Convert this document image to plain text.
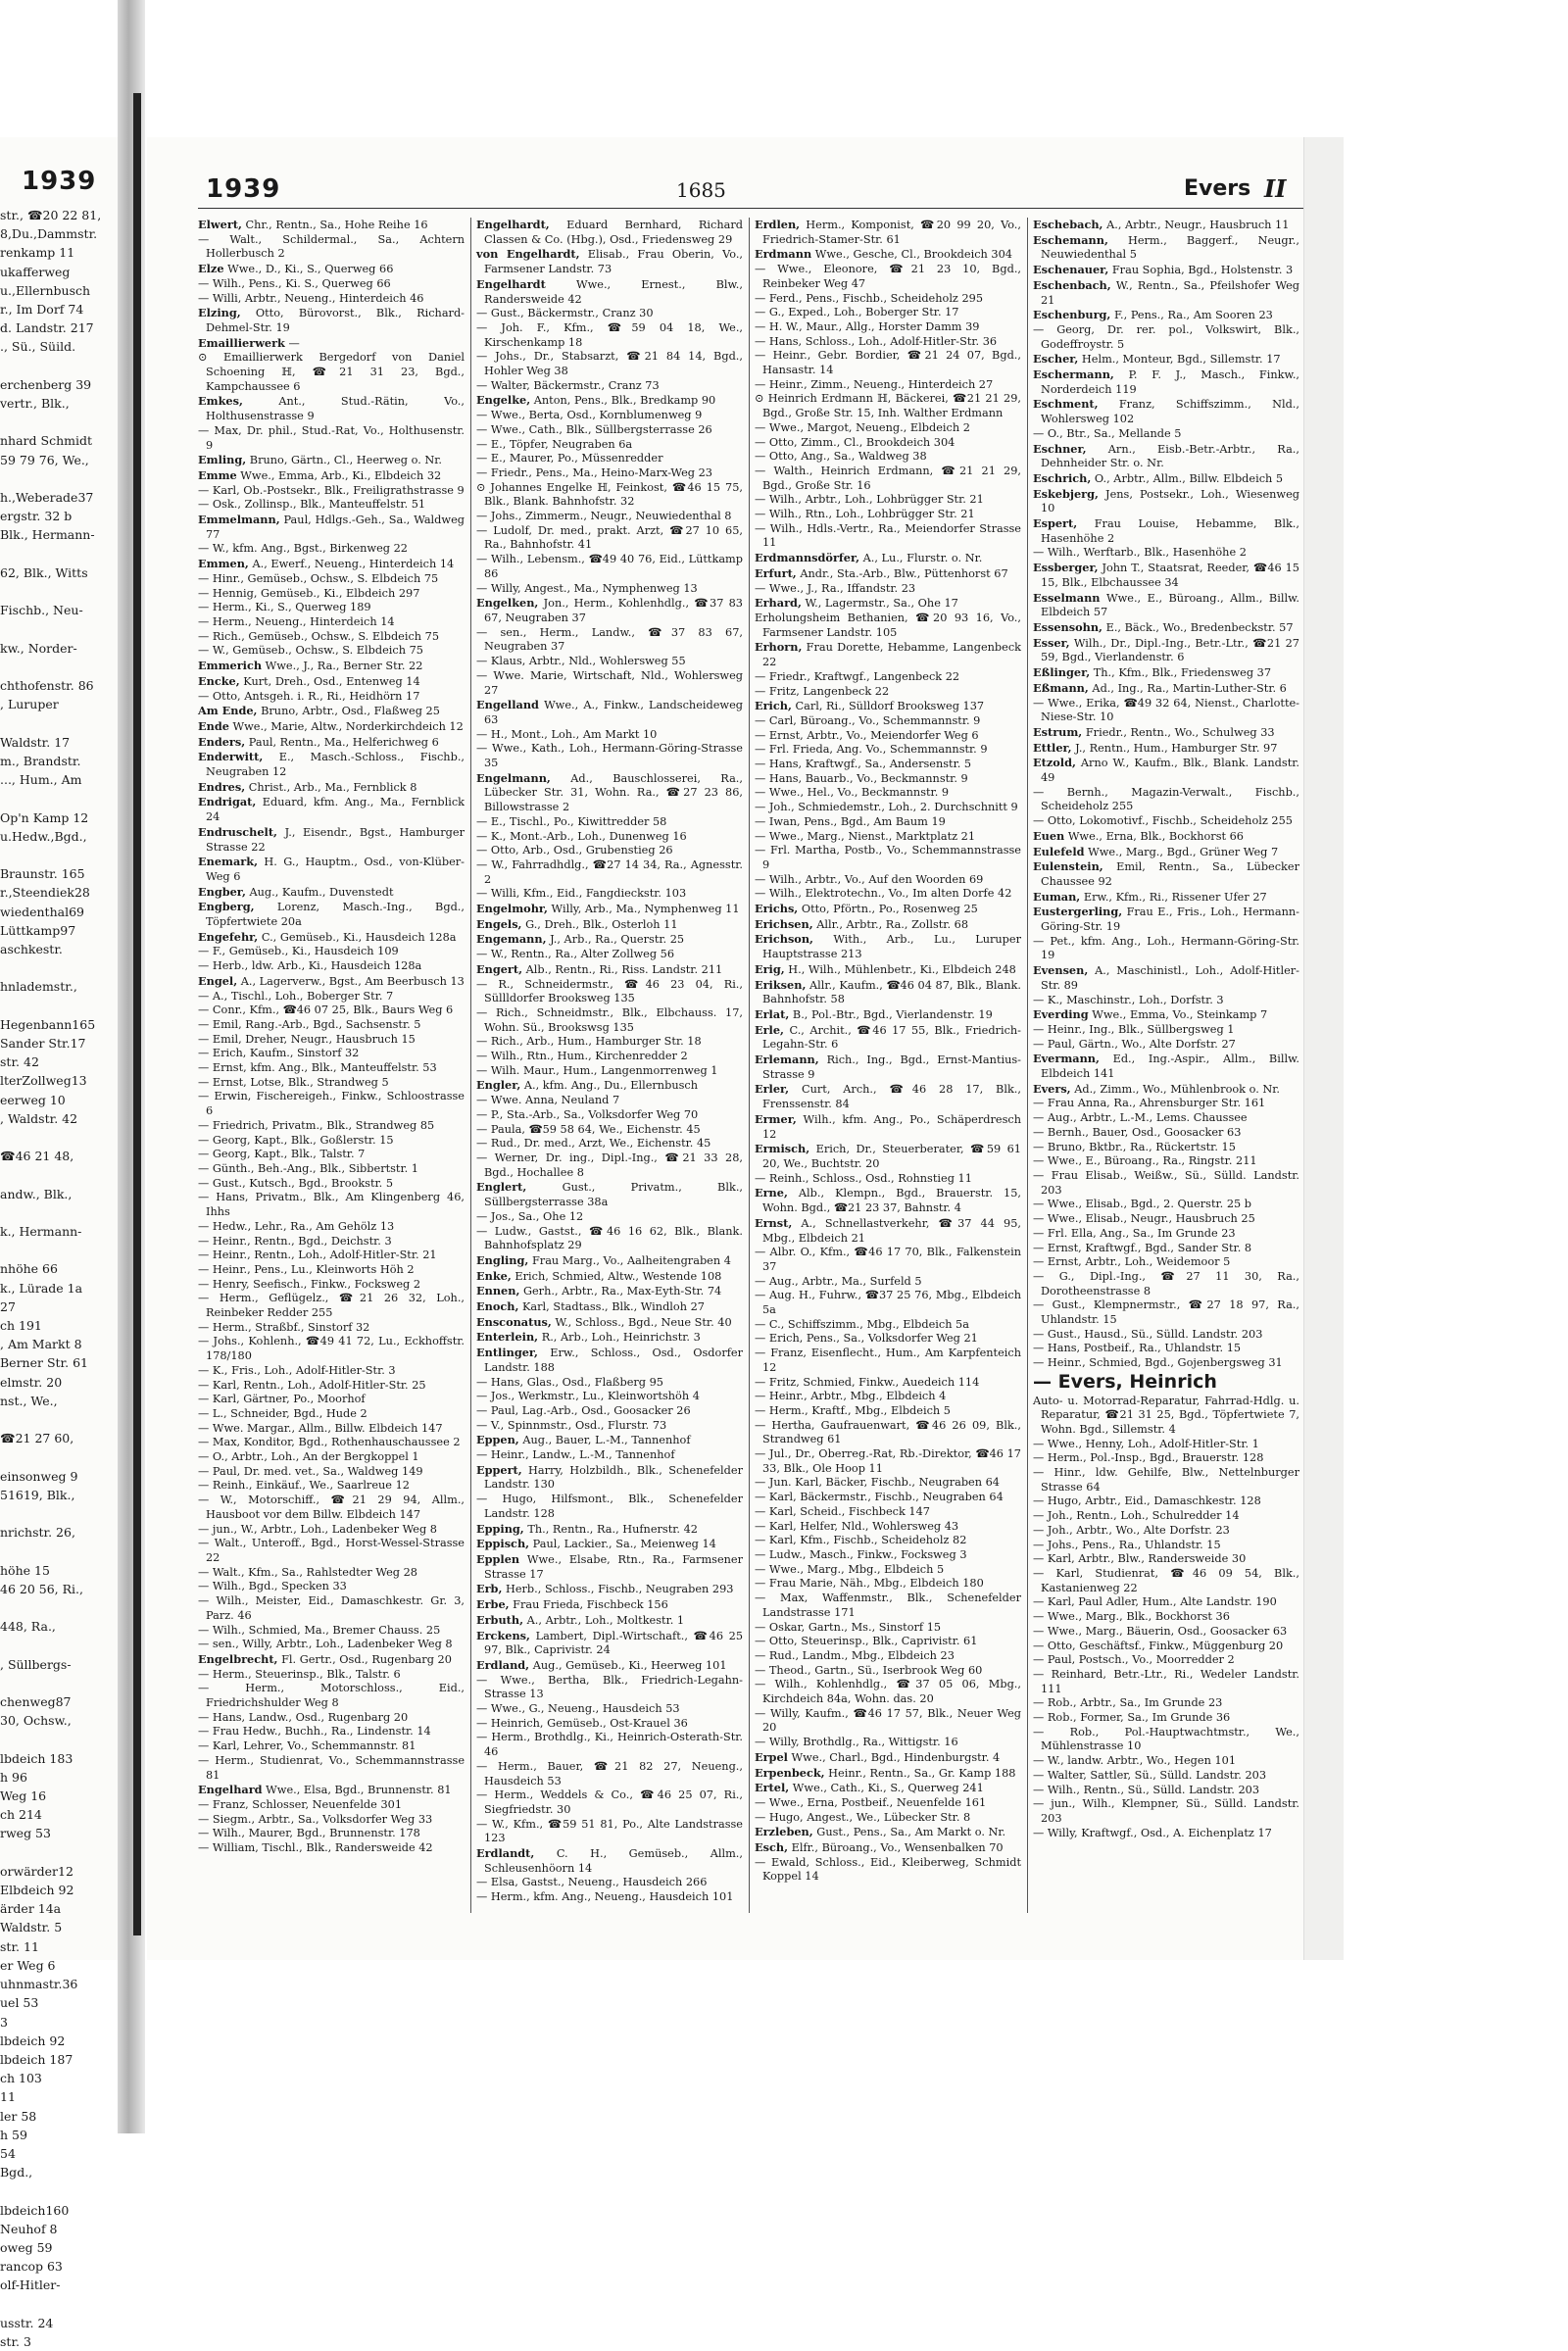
1939
str., ☎20 22 81,
8,Du.,Dammstr.
renkamp 11
ukafferweg
u.,Ellernbusch
r., Im Dorf 74
d. Landstr. 217
., Sü., Süild.

erchenberg 39
vertr., Blk.,

nhard Schmidt
59 79 76, We.,

h.,Weberade37
ergstr. 32 b
Blk., Hermann-

62, Blk., Witts

Fischb., Neu-

kw., Norder-

chthofenstr. 86
, Luruper

Waldstr. 17
m., Brandstr.
..., Hum., Am

Op'n Kamp 12
u.Hedw.,Bgd.,

Braunstr. 165
r.,Steendiek28
wiedenthal69
Lüttkamp97
aschkestr.

hnlademstr.,

Hegenbann165
Sander Str.17
str. 42
lterZollweg13
eerweg 10
, Waldstr. 42

☎46 21 48,

andw., Blk.,

k., Hermann-

nhöhe 66
k., Lürade 1a
27
ch 191
, Am Markt 8
Berner Str. 61
elmstr. 20
nst., We.,

☎21 27 60,

einsonweg 9
51619, Blk.,

nrichstr. 26,

höhe 15
46 20 56, Ri.,

448, Ra.,

, Süllbergs-

chenweg87
30, Ochsw.,

lbdeich 183
h 96
Weg 16
ch 214
rweg 53

orwärder12
Elbdeich 92
ärder 14a
Waldstr. 5
str. 11
er Weg 6
uhnmastr.36
uel 53
3
lbdeich 92
lbdeich 187
ch 103
11
ler 58
h 59
54
Bgd.,

lbdeich160
Neuhof 8
oweg 59
rancop 63
olf-Hitler-

usstr. 24
str. 3
1939	1685	Evers II

Elwert, Chr., Rentn., Sa., Hohe Reihe 16

— Walt., Schildermal., Sa., Achtern Hollerbusch 2

Elze Wwe., D., Ki., S., Querweg 66

— Wilh., Pens., Ki. S., Querweg 66

— Willi, Arbtr., Neueng., Hinterdeich 46

Elzing, Otto, Bürovorst., Blk., Richard-Dehmel-Str. 19

Emaillierwerk —

⊙ Emaillierwerk Bergedorf von Daniel Schoening ℍ, ☎21 31 23, Bgd., Kampchaussee 6

Emkes, Ant., Stud.-Rätin, Vo., Holthusenstrasse 9

— Max, Dr. phil., Stud.-Rat, Vo., Holthusenstr. 9

Emling, Bruno, Gärtn., Cl., Heerweg o. Nr.

Emme Wwe., Emma, Arb., Ki., Elbdeich 32

— Karl, Ob.-Postsekr., Blk., Freiligrathstrasse 9

— Osk., Zollinsp., Blk., Manteuffelstr. 51

Emmelmann, Paul, Hdlgs.-Geh., Sa., Waldweg 77

— W., kfm. Ang., Bgst., Birkenweg 22

Emmen, A., Ewerf., Neueng., Hinterdeich 14

— Hinr., Gemüseb., Ochsw., S. Elbdeich 75

— Hennig, Gemüseb., Ki., Elbdeich 297

— Herm., Ki., S., Querweg 189

— Herm., Neueng., Hinterdeich 14

— Rich., Gemüseb., Ochsw., S. Elbdeich 75

— W., Gemüseb., Ochsw., S. Elbdeich 75

Emmerich Wwe., J., Ra., Berner Str. 22

Encke, Kurt, Dreh., Osd., Entenweg 14

— Otto, Antsgeh. i. R., Ri., Heidhörn 17

Am Ende, Bruno, Arbtr., Osd., Flaßweg 25

Ende Wwe., Marie, Altw., Norderkirchdeich 12

Enders, Paul, Rentn., Ma., Helferichweg 6

Enderwitt, E., Masch.-Schloss., Fischb., Neugraben 12

Endres, Christ., Arb., Ma., Fernblick 8

Endrigat, Eduard, kfm. Ang., Ma., Fernblick 24

Endruschelt, J., Eisendr., Bgst., Hamburger Strasse 22

Enemark, H. G., Hauptm., Osd., von-Klüber-Weg 6

Engber, Aug., Kaufm., Duvenstedt

Engberg, Lorenz, Masch.-Ing., Bgd., Töpfertwiete 20a

Engefehr, C., Gemüseb., Ki., Hausdeich 128a

— F., Gemüseb., Ki., Hausdeich 109

— Herb., ldw. Arb., Ki., Hausdeich 128a

Engel, A., Lagerverw., Bgst., Am Beerbusch 13

— A., Tischl., Loh., Boberger Str. 7

— Conr., Kfm., ☎46 07 25, Blk., Baurs Weg 6

— Emil, Rang.-Arb., Bgd., Sachsenstr. 5

— Emil, Dreher, Neugr., Hausbruch 15

— Erich, Kaufm., Sinstorf 32

— Ernst, kfm. Ang., Blk., Manteuffelstr. 53

— Ernst, Lotse, Blk., Strandweg 5

— Erwin, Fischereigeh., Finkw., Schloostrasse 6

— Friedrich, Privatm., Blk., Strandweg 85

— Georg, Kapt., Blk., Goßlerstr. 15

— Georg, Kapt., Blk., Talstr. 7

— Günth., Beh.-Ang., Blk., Sibbertstr. 1

— Gust., Kutsch., Bgd., Brookstr. 5

— Hans, Privatm., Blk., Am Klingenberg 46, Ihhs

— Hedw., Lehr., Ra., Am Gehölz 13

— Heinr., Rentn., Bgd., Deichstr. 3

— Heinr., Rentn., Loh., Adolf-Hitler-Str. 21

— Heinr., Pens., Lu., Kleinworts Höh 2

— Henry, Seefisch., Finkw., Focksweg 2

— Herm., Geflügelz., ☎21 26 32, Loh., Reinbeker Redder 255

— Herm., Straßbf., Sinstorf 32

— Johs., Kohlenh., ☎49 41 72, Lu., Eckhoffstr. 178/180

— K., Fris., Loh., Adolf-Hitler-Str. 3

— Karl, Rentn., Loh., Adolf-Hitler-Str. 25

— Karl, Gärtner, Po., Moorhof

— L., Schneider, Bgd., Hude 2

— Wwe. Margar., Allm., Billw. Elbdeich 147

— Max, Konditor, Bgd., Rothenhauschaussee 2

— O., Arbtr., Loh., An der Bergkoppel 1

— Paul, Dr. med. vet., Sa., Waldweg 149

— Reinh., Einkäuf., We., Saarlreue 12

— W., Motorschiff., ☎21 29 94, Allm., Hausboot vor dem Billw. Elbdeich 147

— jun., W., Arbtr., Loh., Ladenbeker Weg 8

— Walt., Unteroff., Bgd., Horst-Wessel-Strasse 22

— Walt., Kfm., Sa., Rahlstedter Weg 28

— Wilh., Bgd., Specken 33

— Wilh., Meister, Eid., Damaschkestr. Gr. 3, Parz. 46

— Wilh., Schmied, Ma., Bremer Chauss. 25

— sen., Willy, Arbtr., Loh., Ladenbeker Weg 8

Engelbrecht, Fl. Gertr., Osd., Rugenbarg 20

— Herm., Steuerinsp., Blk., Talstr. 6

— Herm., Motorschloss., Eid., Friedrichshulder Weg 8

— Hans, Landw., Osd., Rugenbarg 20

— Frau Hedw., Buchh., Ra., Lindenstr. 14

— Karl, Lehrer, Vo., Schemmannstr. 81

— Herm., Studienrat, Vo., Schemmannstrasse 81

Engelhard Wwe., Elsa, Bgd., Brunnenstr. 81

— Franz, Schlosser, Neuenfelde 301

— Siegm., Arbtr., Sa., Volksdorfer Weg 33

— Wilh., Maurer, Bgd., Brunnenstr. 178

— William, Tischl., Blk., Randersweide 42

Engelhardt, Eduard Bernhard, Richard Classen & Co. (Hbg.), Osd., Friedensweg 29

von Engelhardt, Elisab., Frau Oberin, Vo., Farmsener Landstr. 73

Engelhardt Wwe., Ernest., Blw., Randersweide 42

— Gust., Bäckermstr., Cranz 30

— Joh. F., Kfm., ☎59 04 18, We., Kirschenkamp 18

— Johs., Dr., Stabsarzt, ☎21 84 14, Bgd., Hohler Weg 38

— Walter, Bäckermstr., Cranz 73

Engelke, Anton, Pens., Blk., Bredkamp 90

— Wwe., Berta, Osd., Kornblumenweg 9

— Wwe., Cath., Blk., Süllbergsterrasse 26

— E., Töpfer, Neugraben 6a

— E., Maurer, Po., Müssenredder

— Friedr., Pens., Ma., Heino-Marx-Weg 23

⊙ Johannes Engelke ℍ, Feinkost, ☎46 15 75, Blk., Blank. Bahnhofstr. 32

— Johs., Zimmerm., Neugr., Neuwiedenthal 8

— Ludolf, Dr. med., prakt. Arzt, ☎27 10 65, Ra., Bahnhofstr. 41

— Wilh., Lebensm., ☎49 40 76, Eid., Lüttkamp 86

— Willy, Angest., Ma., Nymphenweg 13

Engelken, Jon., Herm., Kohlenhdlg., ☎37 83 67, Neugraben 37

— sen., Herm., Landw., ☎37 83 67, Neugraben 37

— Klaus, Arbtr., Nld., Wohlersweg 55

— Wwe. Marie, Wirtschaft, Nld., Wohlersweg 27

Engelland Wwe., A., Finkw., Landscheideweg 63

— H., Mont., Loh., Am Markt 10

— Wwe., Kath., Loh., Hermann-Göring-Strasse 35

Engelmann, Ad., Bauschlosserei, Ra., Lübecker Str. 31, Wohn. Ra., ☎27 23 86, Billowstrasse 2

— E., Tischl., Po., Kiwittredder 58

— K., Mont.-Arb., Loh., Dunenweg 16

— Otto, Arb., Osd., Grubenstieg 26

— W., Fahrradhdlg., ☎27 14 34, Ra., Agnesstr. 2

— Willi, Kfm., Eid., Fangdieckstr. 103

Engelmohr, Willy, Arb., Ma., Nymphenweg 11

Engels, G., Dreh., Blk., Osterloh 11

Engemann, J., Arb., Ra., Querstr. 25

— W., Rentn., Ra., Alter Zollweg 56

Engert, Alb., Rentn., Ri., Riss. Landstr. 211

— R., Schneidermstr., ☎46 23 04, Ri., Süllldorfer Brooksweg 135

— Rich., Schneidmstr., Blk., Elbchauss. 17, Wohn. Sü., Brookswsg 135

— Rich., Arb., Hum., Hamburger Str. 18

— Wilh., Rtn., Hum., Kirchenredder 2

— Wilh. Maur., Hum., Langenmorrenweg 1

Engler, A., kfm. Ang., Du., Ellernbusch

— Wwe. Anna, Neuland 7

— P., Sta.-Arb., Sa., Volksdorfer Weg 70

— Paula, ☎59 58 64, We., Eichenstr. 45

— Rud., Dr. med., Arzt, We., Eichenstr. 45

— Werner, Dr. ing., Dipl.-Ing., ☎21 33 28, Bgd., Hochallee 8

Englert, Gust., Privatm., Blk., Süllbergsterrasse 38a

— Jos., Sa., Ohe 12

— Ludw., Gastst., ☎46 16 62, Blk., Blank. Bahnhofsplatz 29

Engling, Frau Marg., Vo., Aalheitengraben 4

Enke, Erich, Schmied, Altw., Westende 108

Ennen, Gerh., Arbtr., Ra., Max-Eyth-Str. 74

Enoch, Karl, Stadtass., Blk., Windloh 27

Ensconatus, W., Schloss., Bgd., Neue Str. 40

Enterlein, R., Arb., Loh., Heinrichstr. 3

Entlinger, Erw., Schloss., Osd., Osdorfer Landstr. 188

— Hans, Glas., Osd., Flaßberg 95

— Jos., Werkmstr., Lu., Kleinwortshöh 4

— Paul, Lag.-Arb., Osd., Goosacker 26

— V., Spinnmstr., Osd., Flurstr. 73

Eppen, Aug., Bauer, L.-M., Tannenhof

— Heinr., Landw., L.-M., Tannenhof

Eppert, Harry, Holzbildh., Blk., Schenefelder Landstr. 130

— Hugo, Hilfsmont., Blk., Schenefelder Landstr. 128

Epping, Th., Rentn., Ra., Hufnerstr. 42

Eppisch, Paul, Lackier., Sa., Meienweg 14

Epplen Wwe., Elsabe, Rtn., Ra., Farmsener Strasse 17

Erb, Herb., Schloss., Fischb., Neugraben 293

Erbe, Frau Frieda, Fischbeck 156

Erbuth, A., Arbtr., Loh., Moltkestr. 1

Erckens, Lambert, Dipl.-Wirtschaft., ☎46 25 97, Blk., Caprivistr. 24

Erdland, Aug., Gemüseb., Ki., Heerweg 101

— Wwe., Bertha, Blk., Friedrich-Legahn-Strasse 13

— Wwe., G., Neueng., Hausdeich 53

— Heinrich, Gemüseb., Ost-Krauel 36

— Herm., Brothdlg., Ki., Heinrich-Osterath-Str. 46

— Herm., Bauer, ☎21 82 27, Neueng., Hausdeich 53

— Herm., Weddels & Co., ☎46 25 07, Ri., Siegfriedstr. 30

— W., Kfm., ☎59 51 81, Po., Alte Landstrasse 123

Erdlandt, C. H., Gemüseb., Allm., Schleusenhöorn 14

— Elsa, Gastst., Neueng., Hausdeich 266

— Herm., kfm. Ang., Neueng., Hausdeich 101

Erdlen, Herm., Komponist, ☎20 99 20, Vo., Friedrich-Stamer-Str. 61

Erdmann Wwe., Gesche, Cl., Brookdeich 304

— Wwe., Eleonore, ☎21 23 10, Bgd., Reinbeker Weg 47

— Ferd., Pens., Fischb., Scheideholz 295

— G., Exped., Loh., Boberger Str. 17

— H. W., Maur., Allg., Horster Damm 39

— Hans, Schloss., Loh., Adolf-Hitler-Str. 36

— Heinr., Gebr. Bordier, ☎21 24 07, Bgd., Hansastr. 14

— Heinr., Zimm., Neueng., Hinterdeich 27

⊙ Heinrich Erdmann ℍ, Bäckerei, ☎21 21 29, Bgd., Große Str. 15, Inh. Walther Erdmann

— Wwe., Margot, Neueng., Elbdeich 2

— Otto, Zimm., Cl., Brookdeich 304

— Otto, Ang., Sa., Waldweg 38

— Walth., Heinrich Erdmann, ☎21 21 29, Bgd., Große Str. 16

— Wilh., Arbtr., Loh., Lohbrügger Str. 21

— Wilh., Rtn., Loh., Lohbrügger Str. 21

— Wilh., Hdls.-Vertr., Ra., Meiendorfer Strasse 11

Erdmannsdörfer, A., Lu., Flurstr. o. Nr.

Erfurt, Andr., Sta.-Arb., Blw., Püttenhorst 67

— Wwe., J., Ra., Iffandstr. 23

Erhard, W., Lagermstr., Sa., Ohe 17

Erholungsheim Bethanien, ☎20 93 16, Vo., Farmsener Landstr. 105

Erhorn, Frau Dorette, Hebamme, Langenbeck 22

— Friedr., Kraftwgf., Langenbeck 22

— Fritz, Langenbeck 22

Erich, Carl, Ri., Sülldorf Brooksweg 137

— Carl, Büroang., Vo., Schemmannstr. 9

— Ernst, Arbtr., Vo., Meiendorfer Weg 6

— Frl. Frieda, Ang. Vo., Schemmannstr. 9

— Hans, Kraftwgf., Sa., Andersenstr. 5

— Hans, Bauarb., Vo., Beckmannstr. 9

— Wwe., Hel., Vo., Beckmannstr. 9

— Joh., Schmiedemstr., Loh., 2. Durchschnitt 9

— Iwan, Pens., Bgd., Am Baum 19

— Wwe., Marg., Nienst., Marktplatz 21

— Frl. Martha, Postb., Vo., Schemmannstrasse 9

— Wilh., Arbtr., Vo., Auf den Woorden 69

— Wilh., Elektrotechn., Vo., Im alten Dorfe 42

Erichs, Otto, Pförtn., Po., Rosenweg 25

Erichsen, Allr., Arbtr., Ra., Zollstr. 68

Erichson, With., Arb., Lu., Luruper Hauptstrasse 213

Erig, H., Wilh., Mühlenbetr., Ki., Elbdeich 248

Eriksen, Allr., Kaufm., ☎46 04 87, Blk., Blank. Bahnhofstr. 58

Erlat, B., Pol.-Btr., Bgd., Vierlandenstr. 19

Erle, C., Archit., ☎46 17 55, Blk., Friedrich-Legahn-Str. 6

Erlemann, Rich., Ing., Bgd., Ernst-Mantius-Strasse 9

Erler, Curt, Arch., ☎46 28 17, Blk., Frenssenstr. 84

Ermer, Wilh., kfm. Ang., Po., Schäperdresch 12

Ermisch, Erich, Dr., Steuerberater, ☎59 61 20, We., Buchtstr. 20

— Reinh., Schloss., Osd., Rohnstieg 11

Erne, Alb., Klempn., Bgd., Brauerstr. 15, Wohn. Bgd., ☎21 23 37, Bahnstr. 4

Ernst, A., Schnellastverkehr, ☎37 44 95, Mbg., Elbdeich 21

— Albr. O., Kfm., ☎46 17 70, Blk., Falkenstein 37

— Aug., Arbtr., Ma., Surfeld 5

— Aug. H., Fuhrw., ☎37 25 76, Mbg., Elbdeich 5a

— C., Schiffszimm., Mbg., Elbdeich 5a

— Erich, Pens., Sa., Volksdorfer Weg 21

— Franz, Eisenflecht., Hum., Am Karpfenteich 12

— Fritz, Schmied, Finkw., Auedeich 114

— Heinr., Arbtr., Mbg., Elbdeich 4

— Herm., Kraftf., Mbg., Elbdeich 5

— Hertha, Gaufrauenwart, ☎46 26 09, Blk., Strandweg 61

— Jul., Dr., Oberreg.-Rat, Rb.-Direktor, ☎46 17 33, Blk., Ole Hoop 11

— Jun. Karl, Bäcker, Fischb., Neugraben 64

— Karl, Bäckermstr., Fischb., Neugraben 64

— Karl, Scheid., Fischbeck 147

— Karl, Helfer, Nld., Wohlersweg 43

— Karl, Kfm., Fischb., Scheideholz 82

— Ludw., Masch., Finkw., Focksweg 3

— Wwe., Marg., Mbg., Elbdeich 5

— Frau Marie, Näh., Mbg., Elbdeich 180

— Max, Waffenmstr., Blk., Schenefelder Landstrasse 171

— Oskar, Gartn., Ms., Sinstorf 15

— Otto, Steuerinsp., Blk., Caprivistr. 61

— Rud., Landm., Mbg., Elbdeich 23

— Theod., Gartn., Sü., Iserbrook Weg 60

— Wilh., Kohlenhdlg., ☎37 05 06, Mbg., Kirchdeich 84a, Wohn. das. 20

— Willy, Kaufm., ☎46 17 57, Blk., Neuer Weg 20

— Willy, Brothdlg., Ra., Wittigstr. 16

Erpel Wwe., Charl., Bgd., Hindenburgstr. 4

Erpenbeck, Heinr., Rentn., Sa., Gr. Kamp 188

Ertel, Wwe., Cath., Ki., S., Querweg 241

— Wwe., Erna, Postbeif., Neuenfelde 161

— Hugo, Angest., We., Lübecker Str. 8

Erzleben, Gust., Pens., Sa., Am Markt o. Nr.

Esch, Elfr., Büroang., Vo., Wensenbalken 70

— Ewald, Schloss., Eid., Kleiberweg, Schmidt Koppel 14

Eschebach, A., Arbtr., Neugr., Hausbruch 11

Eschemann, Herm., Baggerf., Neugr., Neuwiedenthal 5

Eschenauer, Frau Sophia, Bgd., Holstenstr. 3

Eschenbach, W., Rentn., Sa., Pfeilshofer Weg 21

Eschenburg, F., Pens., Ra., Am Sooren 23

— Georg, Dr. rer. pol., Volkswirt, Blk., Godeffroystr. 5

Escher, Helm., Monteur, Bgd., Sillemstr. 17

Eschermann, P. F. J., Masch., Finkw., Norderdeich 119

Eschment, Franz, Schiffszimm., Nld., Wohlersweg 102

— O., Btr., Sa., Mellande 5

Eschner, Arn., Eisb.-Betr.-Arbtr., Ra., Dehnheider Str. o. Nr.

Eschrich, O., Arbtr., Allm., Billw. Elbdeich 5

Eskebjerg, Jens, Postsekr., Loh., Wiesenweg 10

Espert, Frau Louise, Hebamme, Blk., Hasenhöhe 2

— Wilh., Werftarb., Blk., Hasenhöhe 2

Essberger, John T., Staatsrat, Reeder, ☎46 15 15, Blk., Elbchaussee 34

Esselmann Wwe., E., Büroang., Allm., Billw. Elbdeich 57

Essensohn, E., Bäck., Wo., Bredenbeckstr. 57

Esser, Wilh., Dr., Dipl.-Ing., Betr.-Ltr., ☎21 27 59, Bgd., Vierlandenstr. 6

Eßlinger, Th., Kfm., Blk., Friedensweg 37

Eßmann, Ad., Ing., Ra., Martin-Luther-Str. 6

— Wwe., Erika, ☎49 32 64, Nienst., Charlotte-Niese-Str. 10

Estrum, Friedr., Rentn., Wo., Schulweg 33

Ettler, J., Rentn., Hum., Hamburger Str. 97

Etzold, Arno W., Kaufm., Blk., Blank. Landstr. 49

— Bernh., Magazin-Verwalt., Fischb., Scheideholz 255

— Otto, Lokomotivf., Fischb., Scheideholz 255

Euen Wwe., Erna, Blk., Bockhorst 66

Eulefeld Wwe., Marg., Bgd., Grüner Weg 7

Eulenstein, Emil, Rentn., Sa., Lübecker Chaussee 92

Euman, Erw., Kfm., Ri., Rissener Ufer 27

Eustergerling, Frau E., Fris., Loh., Hermann-Göring-Str. 19

— Pet., kfm. Ang., Loh., Hermann-Göring-Str. 19

Evensen, A., Maschinistl., Loh., Adolf-Hitler-Str. 89

— K., Maschinstr., Loh., Dorfstr. 3

Everding Wwe., Emma, Vo., Steinkamp 7

— Heinr., Ing., Blk., Süllbergsweg 1

— Paul, Gärtn., Wo., Alte Dorfstr. 27

Evermann, Ed., Ing.-Aspir., Allm., Billw. Elbdeich 141

Evers, Ad., Zimm., Wo., Mühlenbrook o. Nr.

— Frau Anna, Ra., Ahrensburger Str. 161

— Aug., Arbtr., L.-M., Lems. Chaussee

— Bernh., Bauer, Osd., Goosacker 63

— Bruno, Bktbr., Ra., Rückertstr. 15

— Wwe., E., Büroang., Ra., Ringstr. 211

— Frau Elisab., Weißw., Sü., Sülld. Landstr. 203

— Wwe., Elisab., Bgd., 2. Querstr. 25 b

— Wwe., Elisab., Neugr., Hausbruch 25

— Frl. Ella, Ang., Sa., Im Grunde 23

— Ernst, Kraftwgf., Bgd., Sander Str. 8

— Ernst, Arbtr., Loh., Weidemoor 5

— G., Dipl.-Ing., ☎27 11 30, Ra., Dorotheenstrasse 8

— Gust., Klempnermstr., ☎27 18 97, Ra., Uhlandstr. 15

— Gust., Hausd., Sü., Sülld. Landstr. 203

— Hans, Postbeif., Ra., Uhlandstr. 15

— Heinr., Schmied, Bgd., Gojenbergsweg 31

— Evers, Heinrich

Auto- u. Motorrad-Reparatur, Fahrrad-Hdlg. u. Reparatur, ☎21 31 25, Bgd., Töpfertwiete 7, Wohn. Bgd., Sillemstr. 4

— Wwe., Henny, Loh., Adolf-Hitler-Str. 1

— Herm., Pol.-Insp., Bgd., Brauerstr. 128

— Hinr., ldw. Gehilfe, Blw., Nettelnburger Strasse 64

— Hugo, Arbtr., Eid., Damaschkestr. 128

— Joh., Rentn., Loh., Schulredder 14

— Joh., Arbtr., Wo., Alte Dorfstr. 23

— Johs., Pens., Ra., Uhlandstr. 15

— Karl, Arbtr., Blw., Randersweide 30

— Karl, Studienrat, ☎46 09 54, Blk., Kastanienweg 22

— Karl, Paul Adler, Hum., Alte Landstr. 190

— Wwe., Marg., Blk., Bockhorst 36

— Wwe., Marg., Bäuerin, Osd., Goosacker 63

— Otto, Geschäftsf., Finkw., Müggenburg 20

— Paul, Postsch., Vo., Moorredder 2

— Reinhard, Betr.-Ltr., Ri., Wedeler Landstr. 111

— Rob., Arbtr., Sa., Im Grunde 23

— Rob., Former, Sa., Im Grunde 36

— Rob., Pol.-Hauptwachtmstr., We., Mühlenstrasse 10

— W., landw. Arbtr., Wo., Hegen 101

— Walter, Sattler, Sü., Sülld. Landstr. 203

— Wilh., Rentn., Sü., Sülld. Landstr. 203

— jun., Wilh., Klempner, Sü., Sülld. Landstr. 203

— Willy, Kraftwgf., Osd., A. Eichenplatz 17
